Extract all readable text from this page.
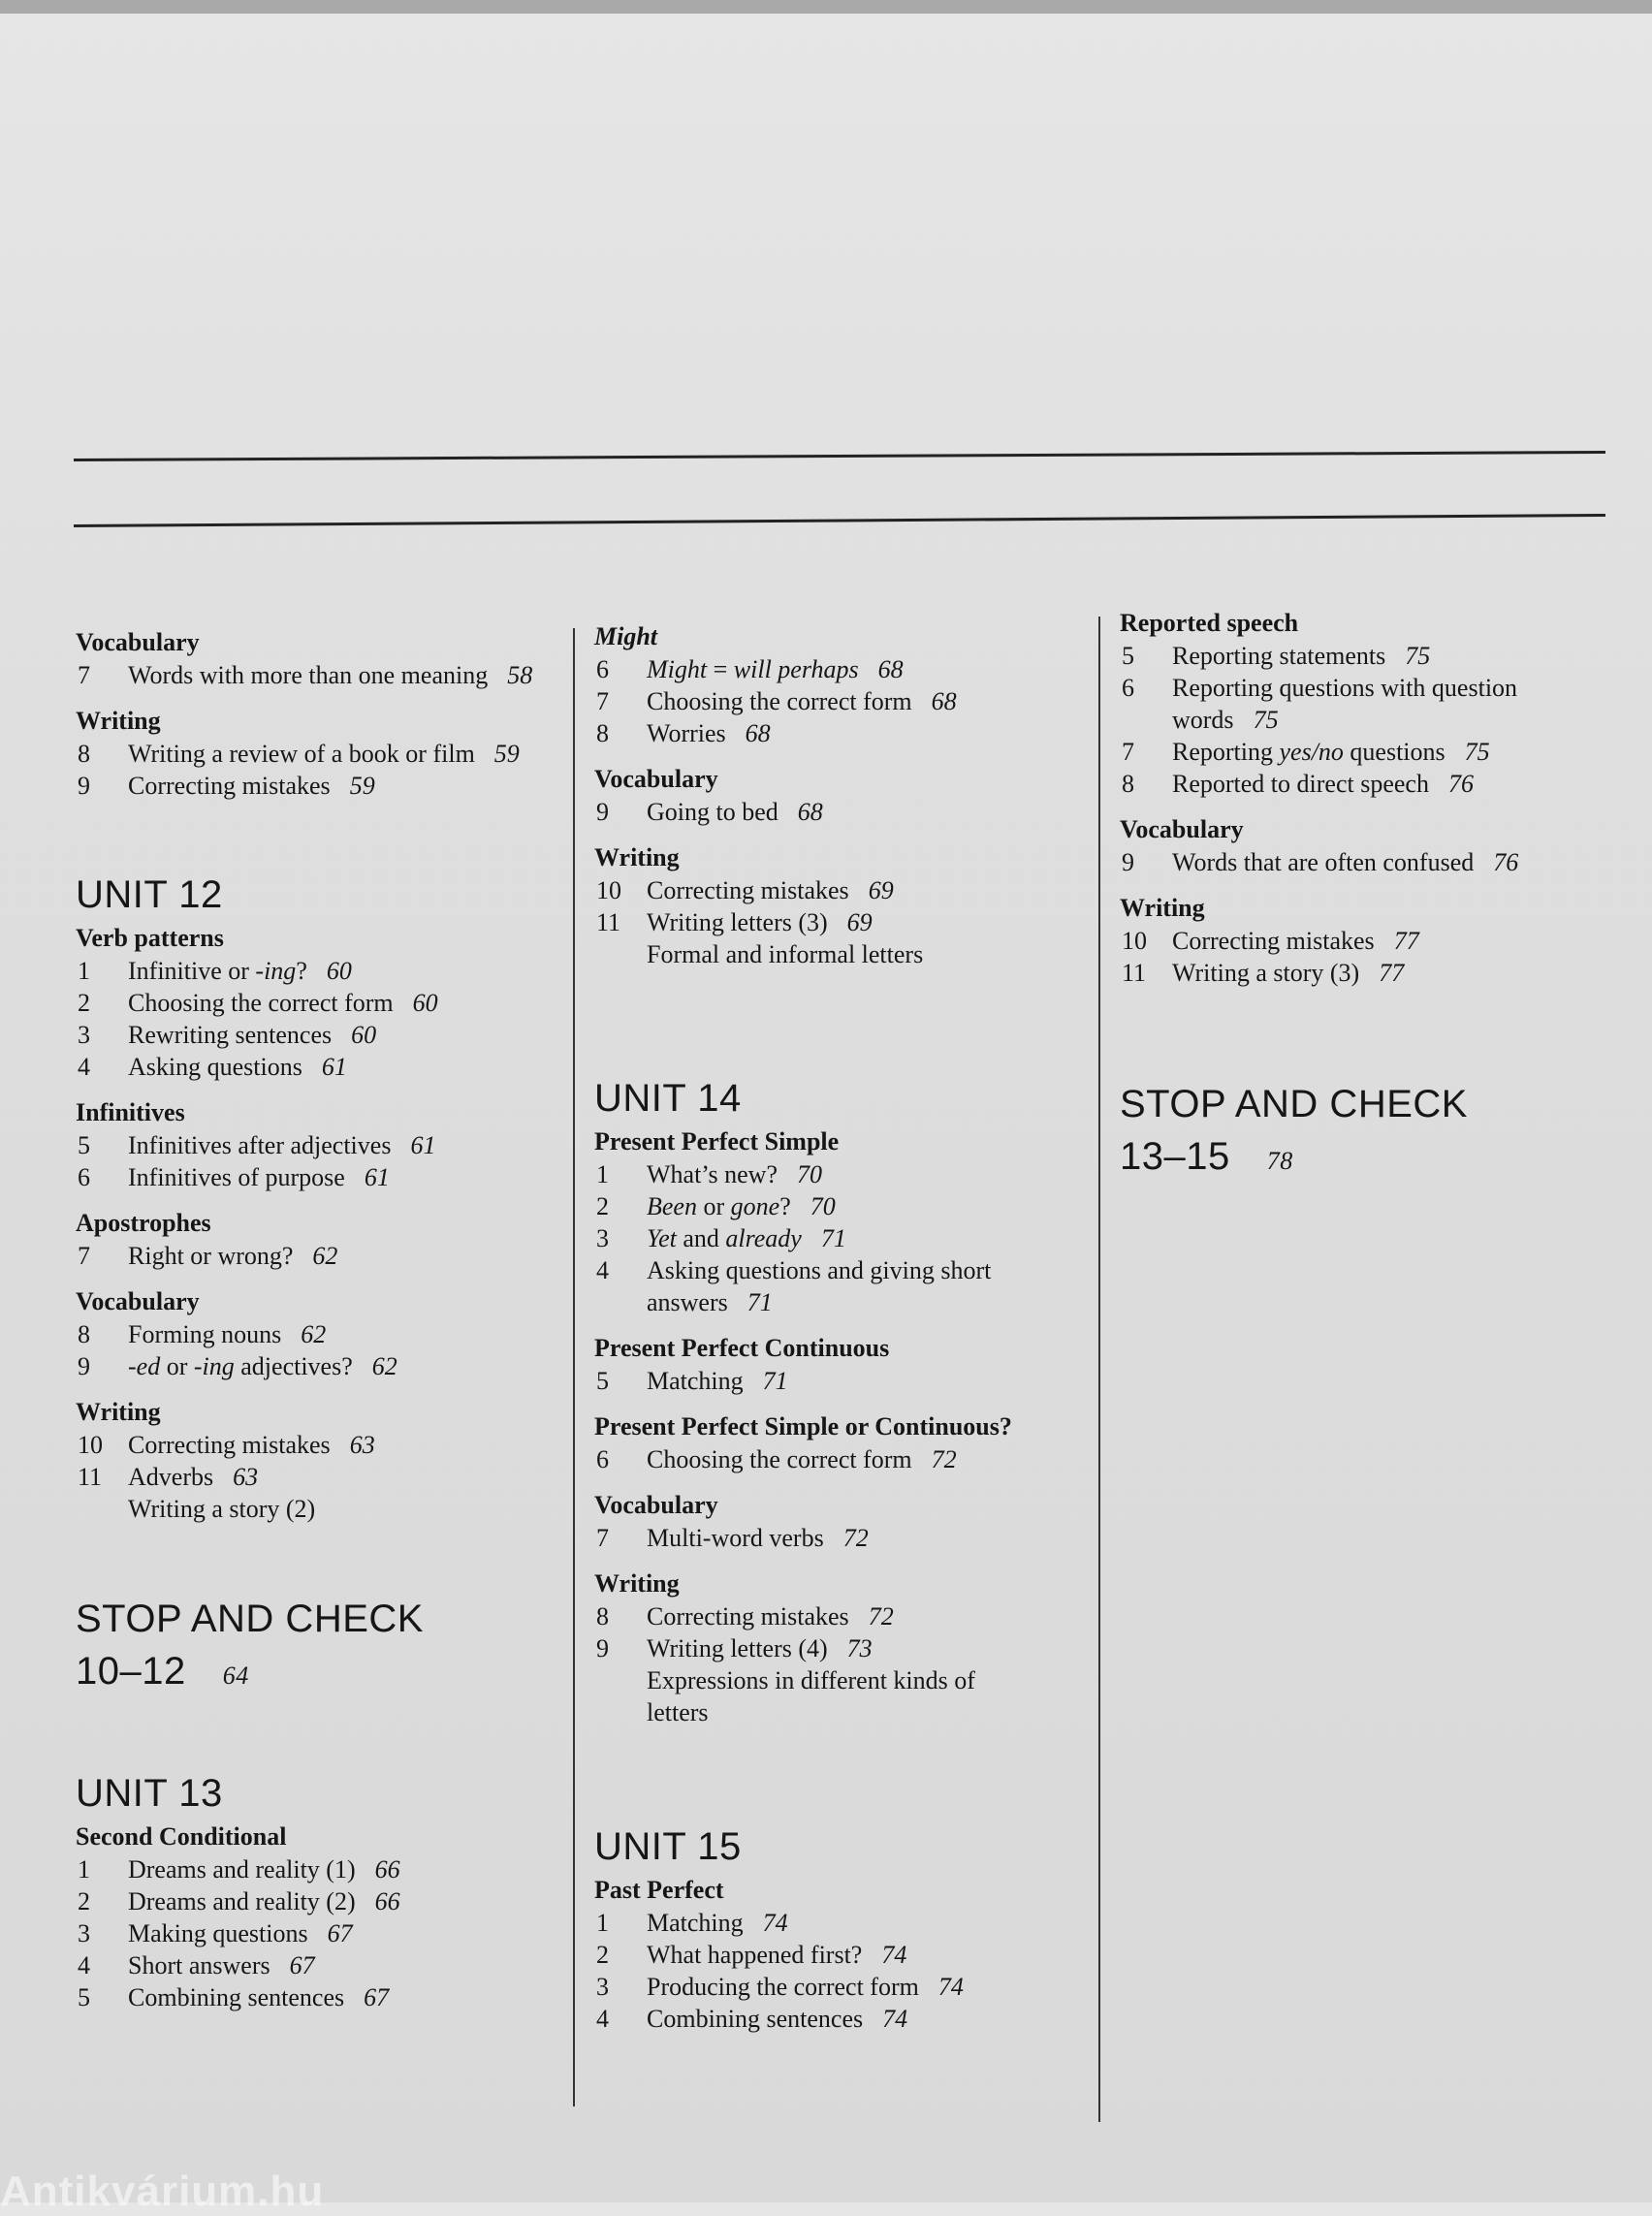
Vocabulary
7	Words with more than one meaning 58
Writing
8	Writing a review of a book or film 59
9	Correcting mistakes 59
UNIT 12
Verb patterns
1	Infinitive or -ing? 60
2	Choosing the correct form 60
3	Rewriting sentences 60
4	Asking questions 61
Infinitives
5	Infinitives after adjectives 61
6	Infinitives of purpose 61
Apostrophes
7	Right or wrong? 62
Vocabulary
8	Forming nouns 62
9	-ed or -ing adjectives? 62
Writing
10	Correcting mistakes 63
11	Adverbs 63
Writing a story (2)
STOP AND CHECK
10–12 64
UNIT 13
Second Conditional
1	Dreams and reality (1) 66
2	Dreams and reality (2) 66
3	Making questions 67
4	Short answers 67
5	Combining sentences 67
Might
6	Might = will perhaps 68
7	Choosing the correct form 68
8	Worries 68
Vocabulary
9	Going to bed 68
Writing
10	Correcting mistakes 69
11	Writing letters (3) 69
Formal and informal letters
UNIT 14
Present Perfect Simple
1	What’s new? 70
2	Been or gone? 70
3	Yet and already 71
4	Asking questions and giving short
answers 71
Present Perfect Continuous
5	Matching 71
Present Perfect Simple or Continuous?
6	Choosing the correct form 72
Vocabulary
7	Multi-word verbs 72
Writing
8	Correcting mistakes 72
9	Writing letters (4) 73
Expressions in different kinds of
letters
UNIT 15
Past Perfect
1	Matching 74
2	What happened first? 74
3	Producing the correct form 74
4	Combining sentences 74
Reported speech
5	Reporting statements 75
6	Reporting questions with question
words 75
7	Reporting yes/no questions 75
8	Reported to direct speech 76
Vocabulary
9	Words that are often confused 76
Writing
10	Correcting mistakes 77
11	Writing a story (3) 77
STOP AND CHECK
13–15 78
Antikvárium.hu
